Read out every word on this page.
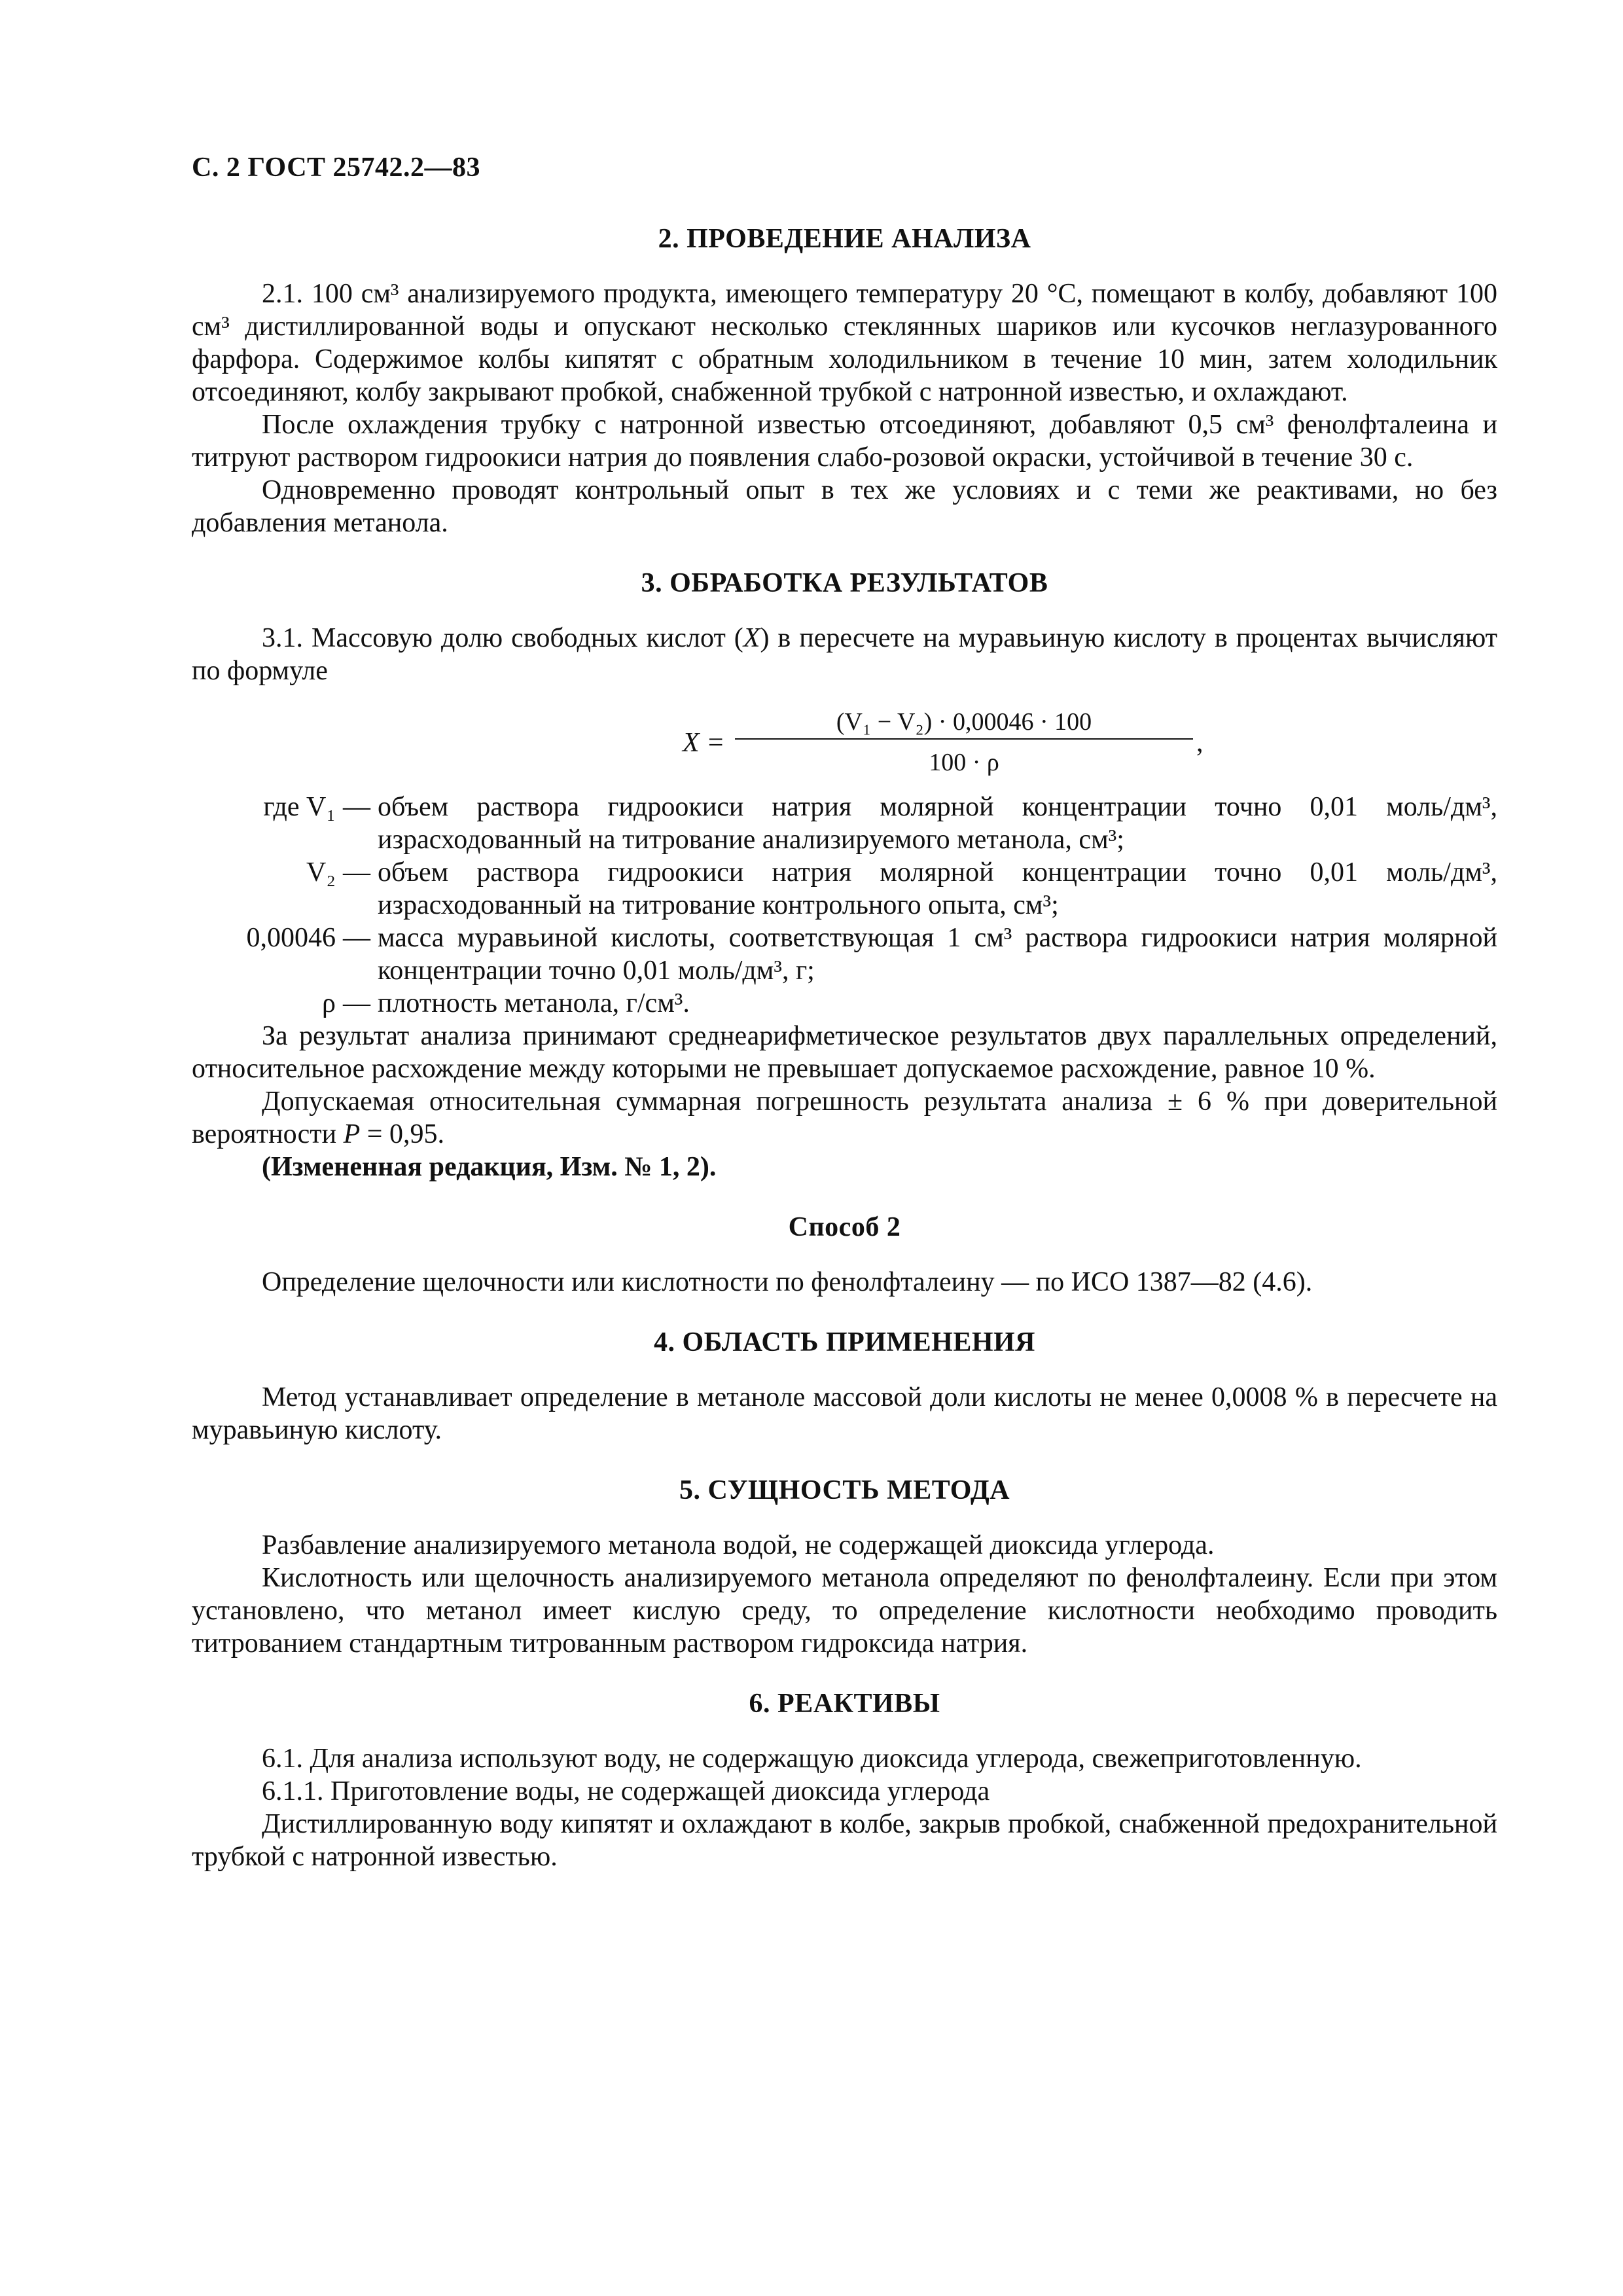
С. 2 ГОСТ 25742.2—83
2. ПРОВЕДЕНИЕ АНАЛИЗА

2.1. 100 см³ анализируемого продукта, имеющего температуру 20 °С, помещают в колбу, добавляют 100 см³ дистиллированной воды и опускают несколько стеклянных шариков или кусочков неглазурованного фарфора. Содержимое колбы кипятят с обратным холодильником в течение 10 мин, затем холодильник отсоединяют, колбу закрывают пробкой, снабженной трубкой с натронной известью, и охлаждают.

После охлаждения трубку с натронной известью отсоединяют, добавляют 0,5 см³ фенолфталеина и титруют раствором гидроокиси натрия до появления слабо-розовой окраски, устойчивой в течение 30 с.

Одновременно проводят контрольный опыт в тех же условиях и с теми же реактивами, но без добавления метанола.

3. ОБРАБОТКА РЕЗУЛЬТАТОВ

3.1. Массовую долю свободных кислот (X) в пересчете на муравьиную кислоту в процентах вычисляют по формуле

X =
(V₁ − V₂) · 0,00046 · 100
100 · ρ
,
где V₁ — объем раствора гидроокиси натрия молярной концентрации точно 0,01 моль/дм³, израсходованный на титрование анализируемого метанола, см³;
V₂ — объем раствора гидроокиси натрия молярной концентрации точно 0,01 моль/дм³, израсходованный на титрование контрольного опыта, см³;
0,00046 — масса муравьиной кислоты, соответствующая 1 см³ раствора гидроокиси натрия молярной концентрации точно 0,01 моль/дм³, г;
ρ — плотность метанола, г/см³.

За результат анализа принимают среднеарифметическое результатов двух параллельных определений, относительное расхождение между которыми не превышает допускаемое расхождение, равное 10 %.

Допускаемая относительная суммарная погрешность результата анализа ± 6 % при доверительной вероятности P = 0,95.

(Измененная редакция, Изм. № 1, 2).

Способ 2

Определение щелочности или кислотности по фенолфталеину — по ИСО 1387—82 (4.6).

4. ОБЛАСТЬ ПРИМЕНЕНИЯ

Метод устанавливает определение в метаноле массовой доли кислоты не менее 0,0008 % в пересчете на муравьиную кислоту.

5. СУЩНОСТЬ МЕТОДА

Разбавление анализируемого метанола водой, не содержащей диоксида углерода.

Кислотность или щелочность анализируемого метанола определяют по фенолфталеину. Если при этом установлено, что метанол имеет кислую среду, то определение кислотности необходимо проводить титрованием стандартным титрованным раствором гидроксида натрия.

6. РЕАКТИВЫ

6.1. Для анализа используют воду, не содержащую диоксида углерода, свежеприготовленную.

6.1.1. Приготовление воды, не содержащей диоксида углерода

Дистиллированную воду кипятят и охлаждают в колбе, закрыв пробкой, снабженной предохранительной трубкой с натронной известью.
